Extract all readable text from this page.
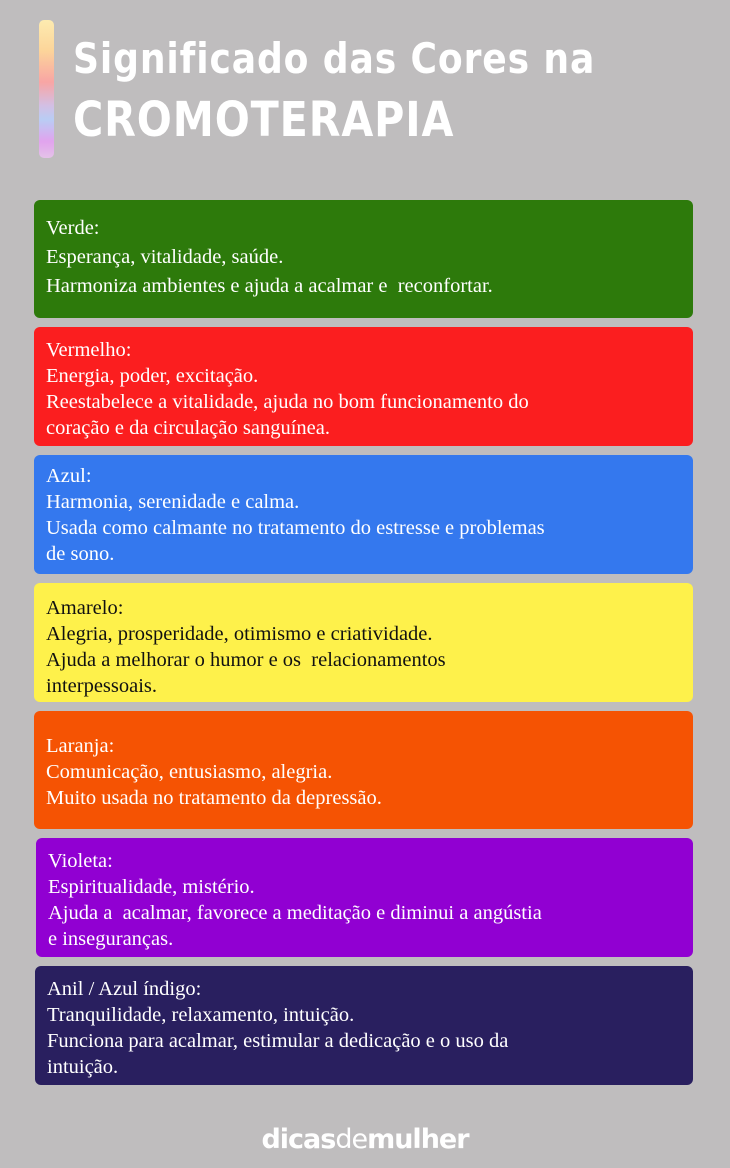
Significado das Cores na
CROMOTERAPIA
Verde:
Esperança, vitalidade, saúde.
Harmoniza ambientes e ajuda a acalmar e  reconfortar.
Vermelho:
Energia, poder, excitação.
Reestabelece a vitalidade, ajuda no bom funcionamento do
coração e da circulação sanguínea.
Azul:
Harmonia, serenidade e calma.
Usada como calmante no tratamento do estresse e problemas
de sono.
Amarelo:
Alegria, prosperidade, otimismo e criatividade.
Ajuda a melhorar o humor e os  relacionamentos
interpessoais.
Laranja:
Comunicação, entusiasmo, alegria.
Muito usada no tratamento da depressão.
Violeta:
Espiritualidade, mistério.
Ajuda a  acalmar, favorece a meditação e diminui a angústia
e inseguranças.
Anil / Azul índigo:
Tranquilidade, relaxamento, intuição.
Funciona para acalmar, estimular a dedicação e o uso da
intuição.
dicasdemulher
